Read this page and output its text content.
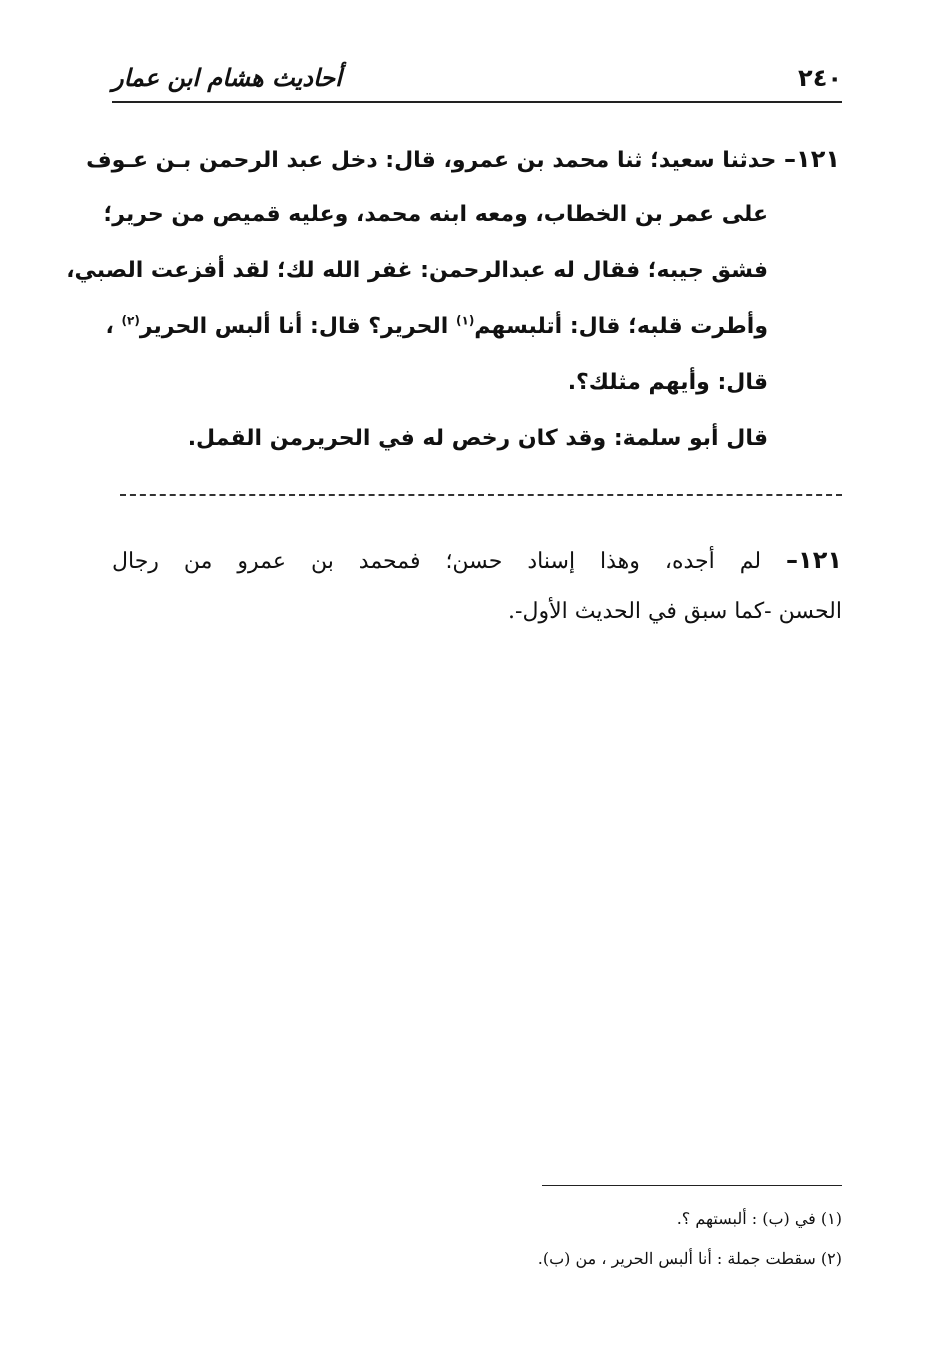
٢٤٠
أحاديث هشام ابن عمار
١٢١– حدثنا سعيد؛ ثنا محمد بن عمرو، قال: دخل عبد الرحمن بـن عـوف
على عمر بن الخطاب، ومعه ابنه محمد، وعليه قميص من حرير؛
فشق جيبه؛ فقال له عبدالرحمن: غفر الله لك؛ لقد أفزعت الصبي،
وأطرت قلبه؛ قال: أتلبسهم$^{(١)}$ الحرير؟ قال: أنا ألبس الحرير$^{(٢)}$ ،
قال: وأيهم مثلك؟.
قال أبو سلمة: وقد كان رخص له في الحريرمن القمل.
١٢١– لم أجده، وهذا إسناد حسن؛ فمحمد بن عمرو من رجال
الحسن -كما سبق في الحديث الأول-.
(١) في (ب) : ألبستهم ؟.
(٢) سقطت جملة : أنا ألبس الحرير ، من (ب).
